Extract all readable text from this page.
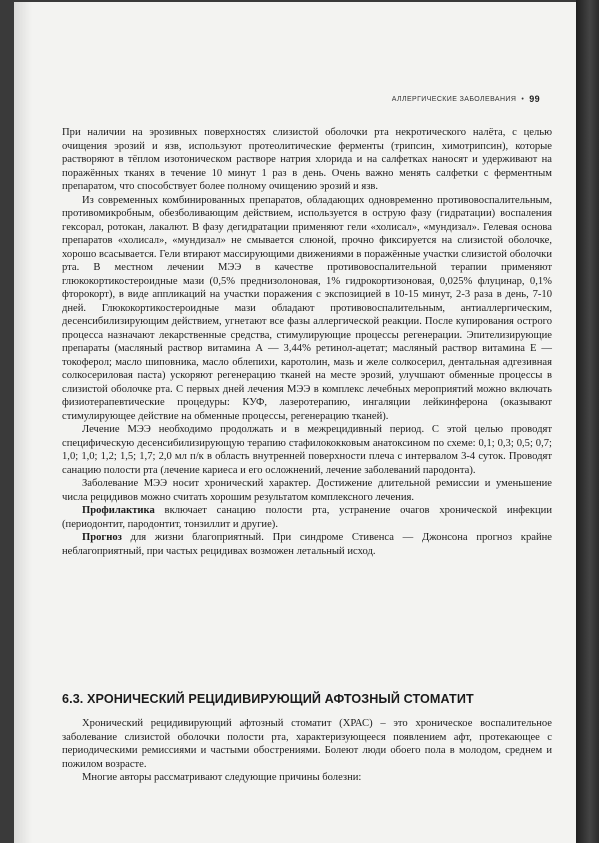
АЛЛЕРГИЧЕСКИЕ ЗАБОЛЕВАНИЯ • 99

При наличии на эрозивных поверхностях слизистой оболочки рта некротического налёта, с целью очищения эрозий и язв, используют протеолитические ферменты (трипсин, химотрипсин), которые растворяют в тёплом изотоническом растворе натрия хлорида и на салфетках наносят и удерживают на поражённых тканях в течение 10 минут 1 раз в день. Очень важно менять салфетки с ферментным препаратом, что способствует более полному очищению эрозий и язв.

Из современных комбинированных препаратов, обладающих одновременно противовоспалительным, противомикробным, обезболивающим действием, используется в острую фазу (гидратации) воспаления гексорал, ротокан, лакалют. В фазу дегидратации применяют гели «холисал», «мундизал». Гелевая основа препаратов «холисал», «мундизал» не смывается слюной, прочно фиксируется на слизистой оболочке, хорошо всасывается. Гели втирают массирующими движениями в поражённые участки слизистой оболочки рта. В местном лечении МЭЭ в качестве противовоспалительной терапии применяют глюкокортикостероидные мази (0,5% преднизолоновая, 1% гидрокортизоновая, 0,025% флуцинар, 0,1% фторокорт), в виде аппликаций на участки поражения с экспозицией в 10-15 минут, 2-3 раза в день, 7-10 дней. Глюкокортикостероидные мази обладают противовоспалительным, антиаллергическим, десенсибилизирующим действием, угнетают все фазы аллергической реакции. После купирования острого процесса назначают лекарственные средства, стимулирующие процессы регенерации. Эпителизирующие препараты (масляный раствор витамина А — 3,44% ретинол-ацетат; масляный раствор витамина Е — токоферол; масло шиповника, масло облепихи, каротолин, мазь и желе солкосерил, дентальная адгезивная солкосериловая паста) ускоряют регенерацию тканей на месте эрозий, улучшают обменные процессы в слизистой оболочке рта. С первых дней лечения МЭЭ в комплекс лечебных мероприятий можно включать физиотерапевтические процедуры: КУФ, лазеротерапию, ингаляции лейкинферона (оказывают стимулирующее действие на обменные процессы, регенерацию тканей).

Лечение МЭЭ необходимо продолжать и в межрецидивный период. С этой целью проводят специфическую десенсибилизирующую терапию стафилококковым анатоксином по схеме: 0,1; 0,3; 0,5; 0,7; 1,0; 1,0; 1,2; 1,5; 1,7; 2,0 мл п/к в область внутренней поверхности плеча с интервалом 3-4 суток. Проводят санацию полости рта (лечение кариеса и его осложнений, лечение заболеваний пародонта).

Заболевание МЭЭ носит хронический характер. Достижение длительной ремиссии и уменьшение числа рецидивов можно считать хорошим результатом комплексного лечения.

Профилактика включает санацию полости рта, устранение очагов хронической инфекции (периодонтит, пародонтит, тонзиллит и другие).

Прогноз для жизни благоприятный. При синдроме Стивенса — Джонсона прогноз крайне неблагоприятный, при частых рецидивах возможен летальный исход.

6.3. ХРОНИЧЕСКИЙ РЕЦИДИВИРУЮЩИЙ АФТОЗНЫЙ СТОМАТИТ

Хронический рецидивирующий афтозный стоматит (ХРАС) – это хроническое воспалительное заболевание слизистой оболочки полости рта, характеризующееся появлением афт, протекающее с периодическими ремиссиями и частыми обострениями. Болеют люди обоего пола в молодом, среднем и пожилом возрасте.

Многие авторы рассматривают следующие причины болезни:
